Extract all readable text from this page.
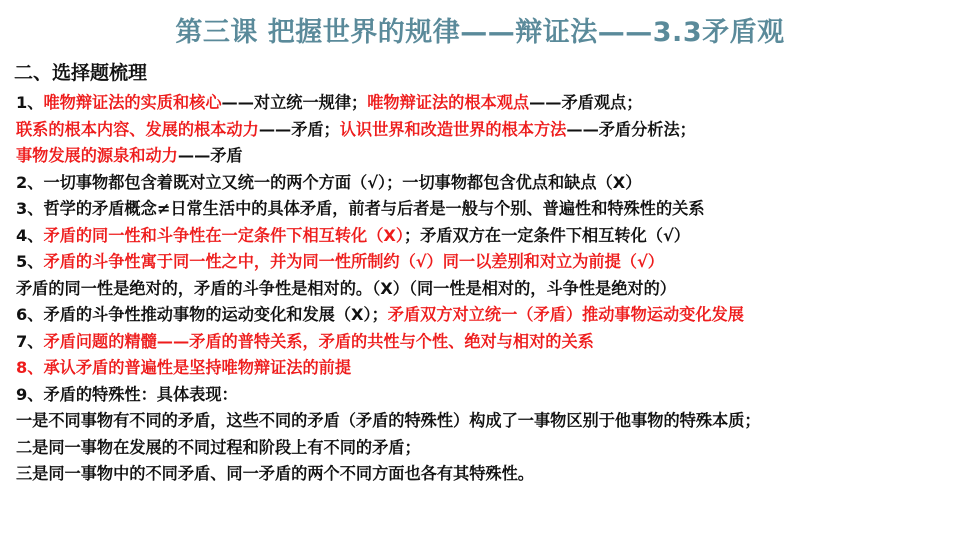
第三课 把握世界的规律——辩证法——3.3矛盾观
二、选择题梳理
1、唯物辩证法的实质和核心——对立统一规律；唯物辩证法的根本观点——矛盾观点；
联系的根本内容、发展的根本动力——矛盾；认识世界和改造世界的根本方法——矛盾分析法；
事物发展的源泉和动力——矛盾
2、一切事物都包含着既对立又统一的两个方面（√）；一切事物都包含优点和缺点（X）
3、哲学的矛盾概念≠日常生活中的具体矛盾，前者与后者是一般与个别、普遍性和特殊性的关系
4、矛盾的同一性和斗争性在一定条件下相互转化（X）；矛盾双方在一定条件下相互转化（√）
5、矛盾的斗争性寓于同一性之中，并为同一性所制约（√）同一以差别和对立为前提（√）
矛盾的同一性是绝对的，矛盾的斗争性是相对的。（X）（同一性是相对的，斗争性是绝对的）
6、矛盾的斗争性推动事物的运动变化和发展（X）；矛盾双方对立统一（矛盾）推动事物运动变化发展
7、矛盾问题的精髓——矛盾的普特关系，矛盾的共性与个性、绝对与相对的关系
8、承认矛盾的普遍性是坚持唯物辩证法的前提
9、矛盾的特殊性：具体表现：
一是不同事物有不同的矛盾，这些不同的矛盾（矛盾的特殊性）构成了一事物区别于他事物的特殊本质；
二是同一事物在发展的不同过程和阶段上有不同的矛盾；
三是同一事物中的不同矛盾、同一矛盾的两个不同方面也各有其特殊性。
